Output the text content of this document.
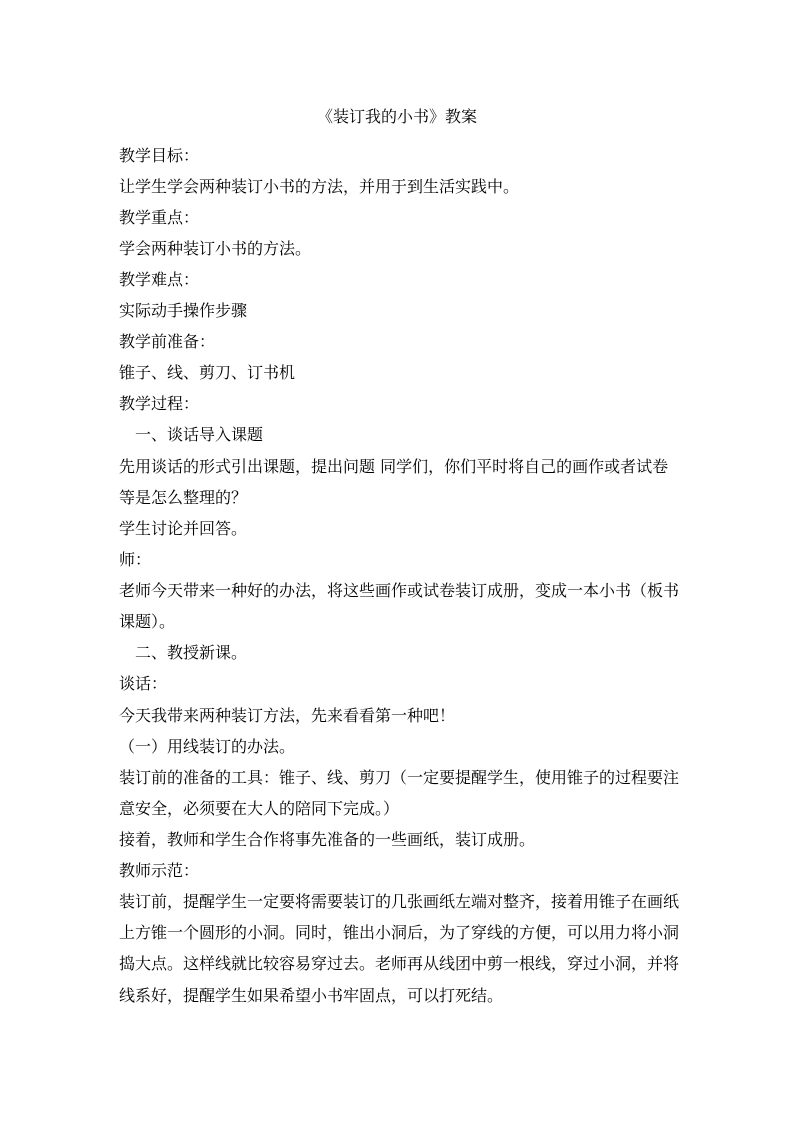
《装订我的小书》教案
教学目标：
让学生学会两种装订小书的方法，并用于到生活实践中。
教学重点：
学会两种装订小书的方法。
教学难点：
实际动手操作步骤
教学前准备：
锥子、线、剪刀、订书机
教学过程：
一、谈话导入课题
先用谈话的形式引出课题，提出问题 同学们，你们平时将自己的画作或者试卷
等是怎么整理的？
学生讨论并回答。
师：
老师今天带来一种好的办法，将这些画作或试卷装订成册，变成一本小书（板书
课题）。
二、教授新课。
谈话：
今天我带来两种装订方法，先来看看第一种吧！
（一）用线装订的办法。
装订前的准备的工具：锥子、线、剪刀（一定要提醒学生，使用锥子的过程要注
意安全，必须要在大人的陪同下完成。）
接着，教师和学生合作将事先准备的一些画纸，装订成册。
教师示范：
装订前，提醒学生一定要将需要装订的几张画纸左端对整齐，接着用锥子在画纸
上方锥一个圆形的小洞。同时，锥出小洞后，为了穿线的方便，可以用力将小洞
捣大点。这样线就比较容易穿过去。老师再从线团中剪一根线，穿过小洞，并将
线系好，提醒学生如果希望小书牢固点，可以打死结。
